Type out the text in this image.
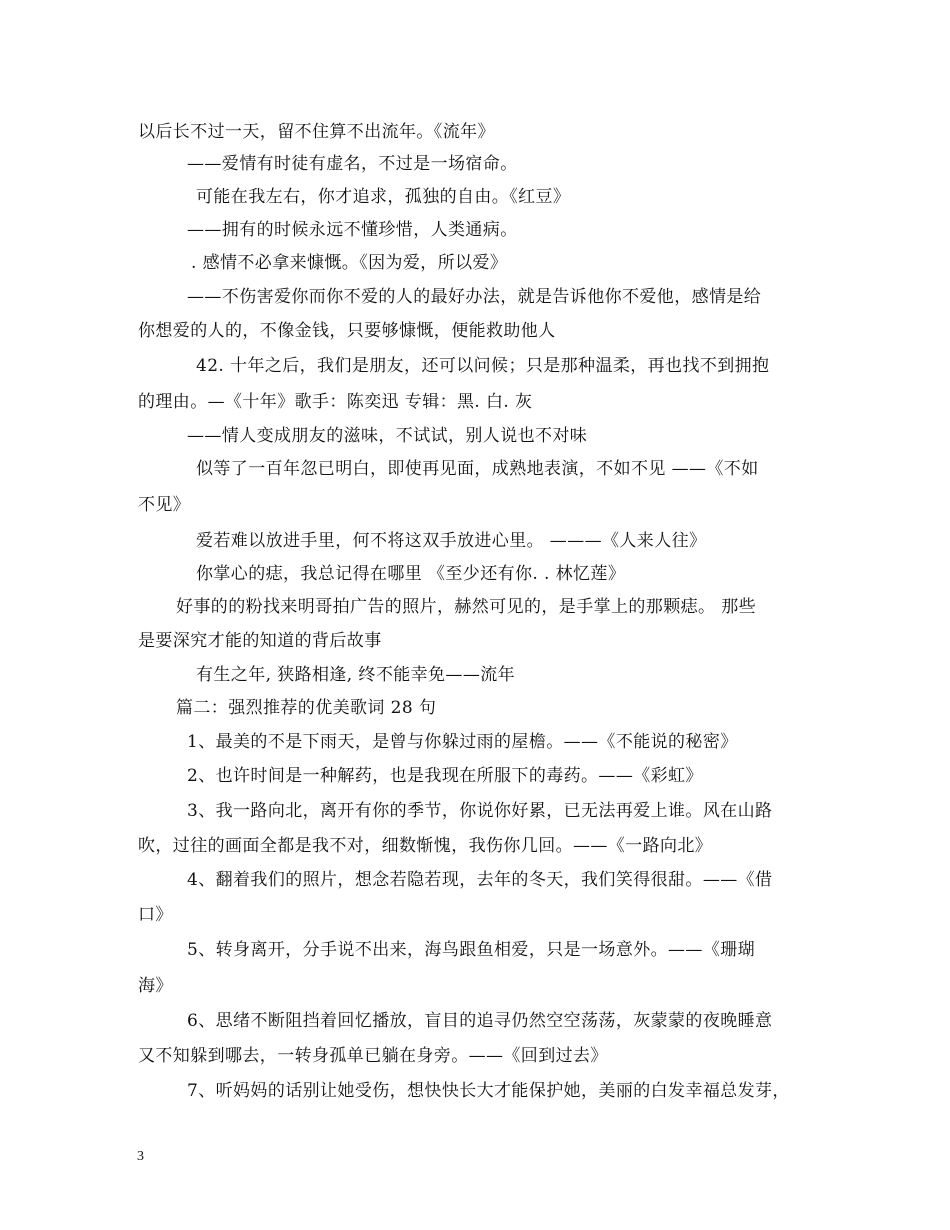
以后长不过一天，留不住算不出流年。《流年》
——爱情有时徒有虚名，不过是一场宿命。
可能在我左右，你才追求，孤独的自由。《红豆》
——拥有的时候永远不懂珍惜，人类通病。
. 感情不必拿来慷慨。《因为爱，所以爱》
——不伤害爱你而你不爱的人的最好办法，就是告诉他你不爱他，感情是给
你想爱的人的，不像金钱，只要够慷慨，便能救助他人
42. 十年之后，我们是朋友，还可以问候；只是那种温柔，再也找不到拥抱
的理由。—《十年》歌手：陈奕迅 专辑：黑. 白. 灰
——情人变成朋友的滋味，不试试，别人说也不对味
似等了一百年忽已明白，即使再见面，成熟地表演，不如不见 ——《不如
不见》
爱若难以放进手里，何不将这双手放进心里。 ———《人来人往》
你掌心的痣，我总记得在哪里 《至少还有你. . 林忆莲》
好事的的粉找来明哥拍广告的照片，赫然可见的，是手掌上的那颗痣。 那些
是要深究才能的知道的背后故事
有生之年, 狭路相逢, 终不能幸免——流年
篇二：强烈推荐的优美歌词 28 句
1、最美的不是下雨天，是曾与你躲过雨的屋檐。——《不能说的秘密》
2、也许时间是一种解药，也是我现在所服下的毒药。——《彩虹》
3、我一路向北，离开有你的季节，你说你好累，已无法再爱上谁。风在山路
吹，过往的画面全都是我不对，细数惭愧，我伤你几回。——《一路向北》
4、翻着我们的照片，想念若隐若现，去年的冬天，我们笑得很甜。——《借
口》
5、转身离开，分手说不出来，海鸟跟鱼相爱，只是一场意外。——《珊瑚
海》
6、思绪不断阻挡着回忆播放，盲目的追寻仍然空空荡荡，灰蒙蒙的夜晚睡意
又不知躲到哪去，一转身孤单已躺在身旁。——《回到过去》
7、听妈妈的话别让她受伤，想快快长大才能保护她，美丽的白发幸福总发芽，
3
